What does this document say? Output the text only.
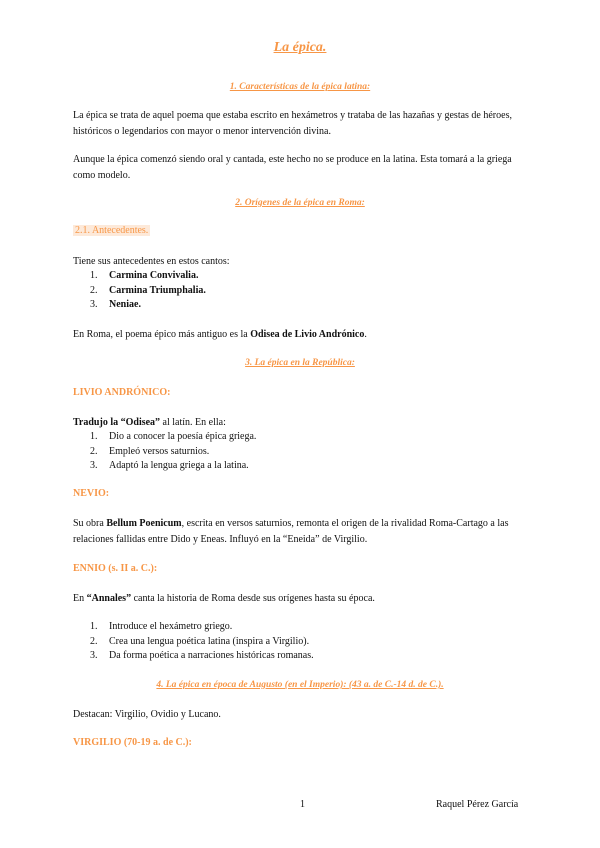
La épica.
1. Características de la épica latina:
La épica se trata de aquel poema que estaba escrito en hexámetros y trataba de las hazañas y gestas de héroes, históricos o legendarios con mayor o menor intervención divina.
Aunque la épica comenzó siendo oral y cantada, este hecho no se produce en la latina. Esta tomará a la griega como modelo.
2. Orígenes de la épica en Roma:
2.1. Antecedentes.
Tiene sus antecedentes en estos cantos:
1. Carmina Convivalia.
2. Carmina Triumphalia.
3. Neniae.
En Roma, el poema épico más antiguo es la Odisea de Livio Andrónico.
3. La épica en la República:
LIVIO ANDRÓNICO:
Tradujo la “Odisea” al latín. En ella:
1. Dio a conocer la poesía épica griega.
2. Empleó versos saturnios.
3. Adaptó la lengua griega a la latina.
NEVIO:
Su obra Bellum Poenicum, escrita en versos saturnios, remonta el origen de la rivalidad Roma-Cartago a las relaciones fallidas entre Dido y Eneas. Influyó en la “Eneida” de Virgilio.
ENNIO (s. II a. C.):
En “Annales” canta la historia de Roma desde sus orígenes hasta su época.
1. Introduce el hexámetro griego.
2. Crea una lengua poética latina (inspira a Virgilio).
3. Da forma poética a narraciones históricas romanas.
4. La épica en época de Augusto (en el Imperio): (43 a. de C.-14 d. de C.).
Destacan: Virgilio, Ovidio y Lucano.
VIRGILIO (70-19 a. de C.):
1	Raquel Pérez García
